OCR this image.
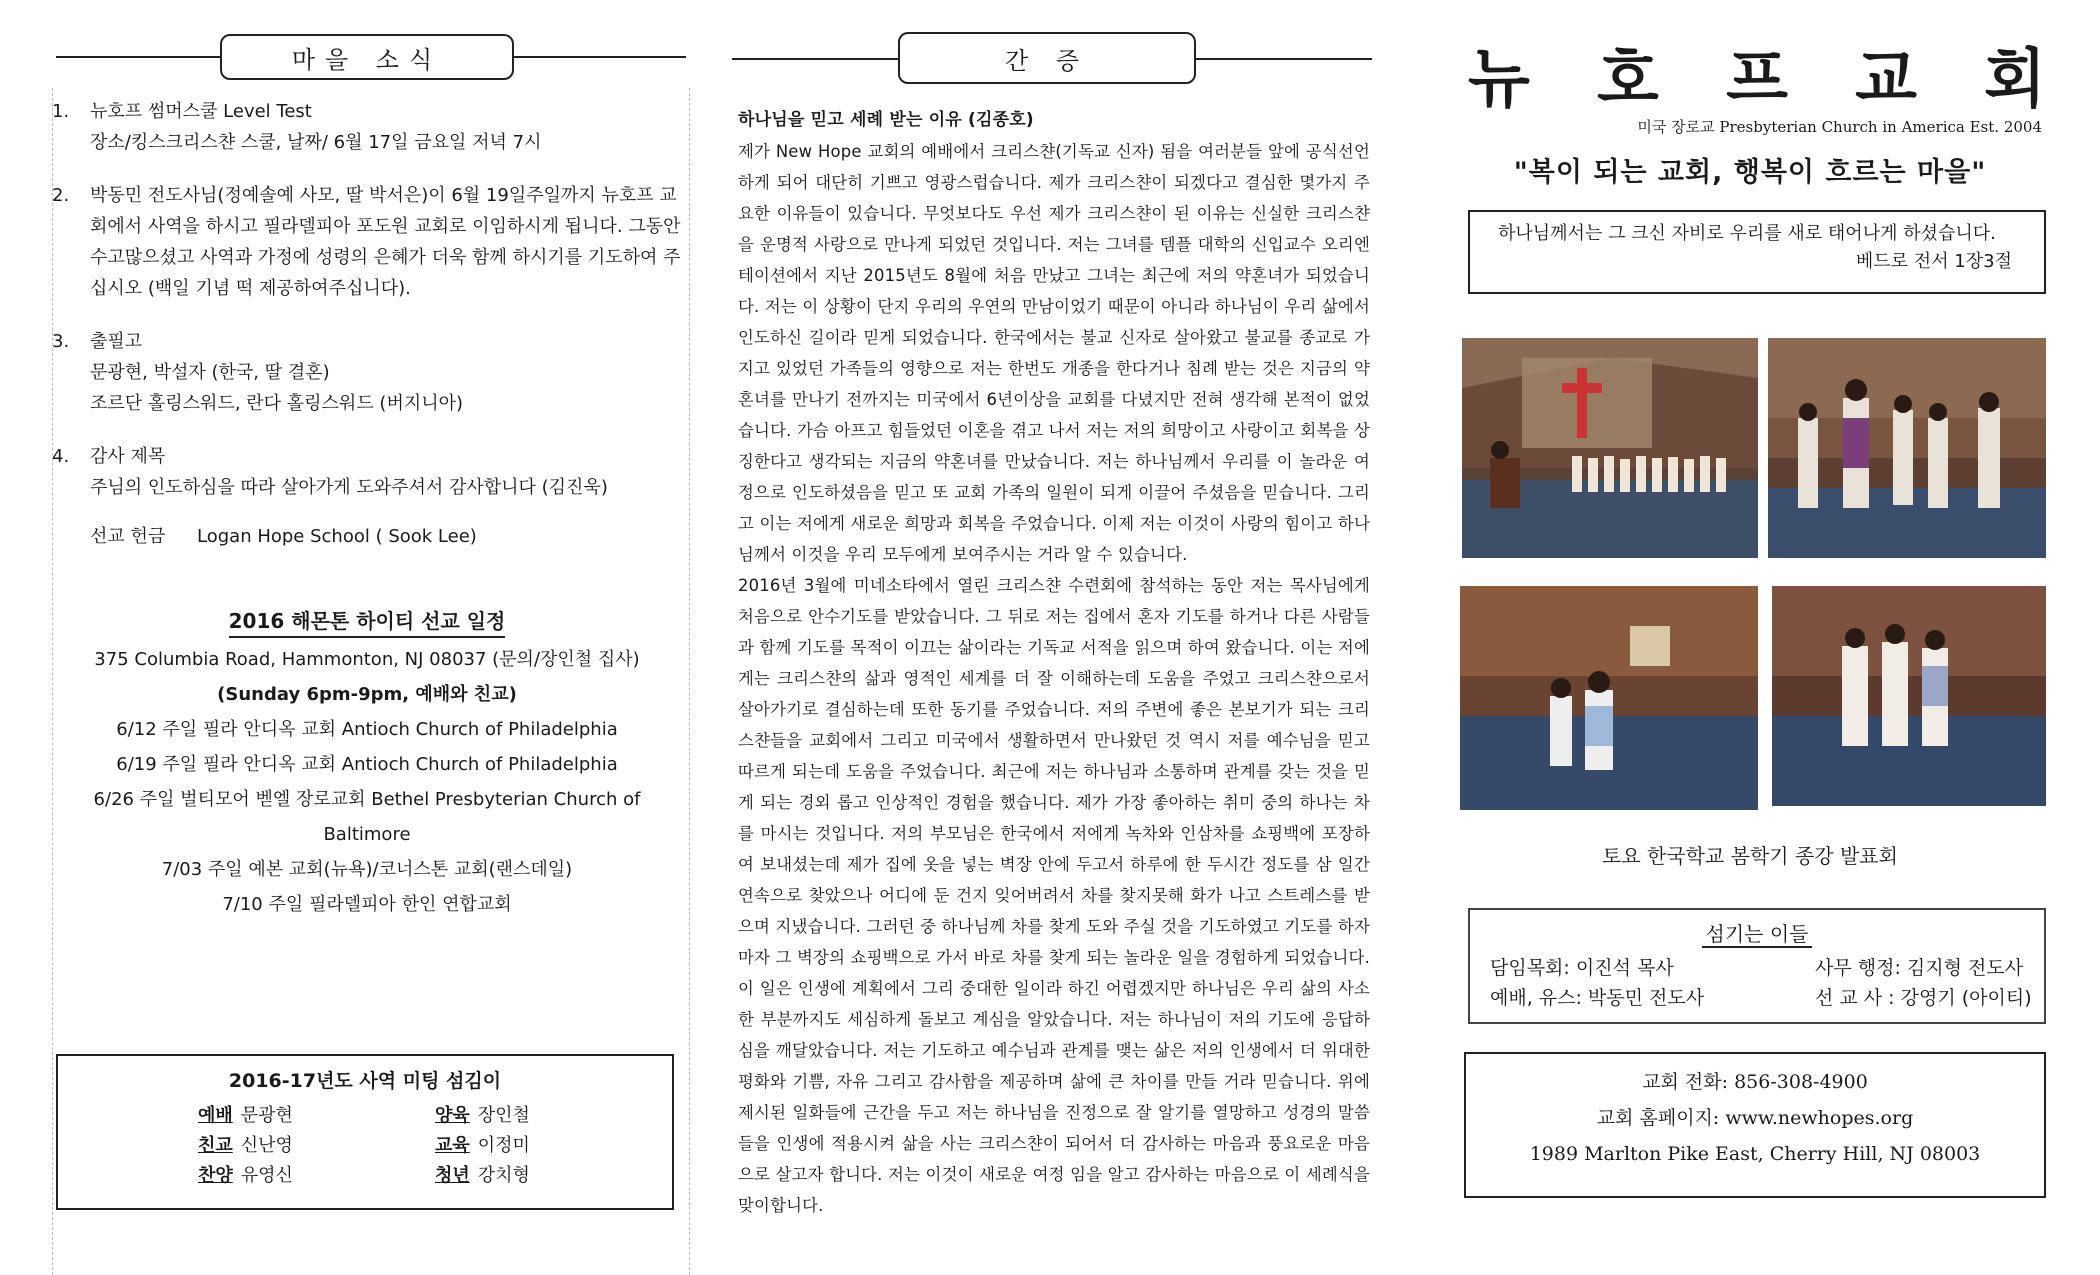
마을 소식
1.	뉴호프 썸머스쿨 Level Test
장소/킹스크리스챤 스쿨, 날짜/ 6월 17일 금요일 저녁 7시
2.	박동민 전도사님(정예솔예 사모, 딸 박서은)이 6월 19일주일까지 뉴호프 교회에서 사역을 하시고 필라델피아 포도원 교회로 이임하시게 됩니다. 그동안 수고많으셨고 사역과 가정에 성령의 은혜가 더욱 함께 하시기를 기도하여 주십시오 (백일 기념 떡 제공하여주십니다).
3.	출필고
문광현, 박설자 (한국, 딸 결혼)
조르단 홀링스워드, 란다 홀링스워드 (버지니아)
4.	감사 제목
주님의 인도하심을 따라 살아가게 도와주셔서 감사합니다 (김진욱)
선교 헌금 Logan Hope School ( Sook Lee)
2016 해몬톤 하이티 선교 일정
375 Columbia Road, Hammonton, NJ 08037 (문의/장인철 집사)
(Sunday 6pm-9pm, 예배와 친교)
6/12 주일 필라 안디옥 교회 Antioch Church of Philadelphia
6/19 주일 필라 안디옥 교회 Antioch Church of Philadelphia
6/26 주일 벌티모어 벧엘 장로교회 Bethel Presbyterian Church of Baltimore
7/03 주일 예본 교회(뉴욕)/코너스톤 교회(랜스데일)
7/10 주일 필라델피아 한인 연합교회
2016-17년도 사역 미팅 섬김이
예배 문광현	양육 장인철
친교 신난영	교육 이정미
찬양 유영신	청년 강치형
간 증
하나님을 믿고 세례 받는 이유 (김종호)

제가 New Hope 교회의 예배에서 크리스챤(기독교 신자) 됨을 여러분들 앞에 공식선언하게 되어 대단히 기쁘고 영광스럽습니다. 제가 크리스챤이 되겠다고 결심한 몇가지 주요한 이유들이 있습니다. 무엇보다도 우선 제가 크리스챤이 된 이유는 신실한 크리스챤을 운명적 사랑으로 만나게 되었던 것입니다. 저는 그녀를 템플 대학의 신입교수 오리엔테이션에서 지난 2015년도 8월에 처음 만났고 그녀는 최근에 저의 약혼녀가 되었습니다. 저는 이 상황이 단지 우리의 우연의 만남이었기 때문이 아니라 하나님이 우리 삶에서 인도하신 길이라 믿게 되었습니다. 한국에서는 불교 신자로 살아왔고 불교를 종교로 가지고 있었던 가족들의 영향으로 저는 한번도 개종을 한다거나 침례 받는 것은 지금의 약혼녀를 만나기 전까지는 미국에서 6년이상을 교회를 다녔지만 전혀 생각해 본적이 없었습니다. 가슴 아프고 힘들었던 이혼을 겪고 나서 저는 저의 희망이고 사랑이고 회복을 상징한다고 생각되는 지금의 약혼녀를 만났습니다. 저는 하나님께서 우리를 이 놀라운 여정으로 인도하셨음을 믿고 또 교회 가족의 일원이 되게 이끌어 주셨음을 믿습니다. 그리고 이는 저에게 새로운 희망과 회복을 주었습니다. 이제 저는 이것이 사랑의 힘이고 하나님께서 이것을 우리 모두에게 보여주시는 거라 알 수 있습니다.

2016년 3월에 미네소타에서 열린 크리스챤 수련회에 참석하는 동안 저는 목사님에게 처음으로 안수기도를 받았습니다. 그 뒤로 저는 집에서 혼자 기도를 하거나 다른 사람들과 함께 기도를 목적이 이끄는 삶이라는 기독교 서적을 읽으며 하여 왔습니다. 이는 저에게는 크리스챤의 삶과 영적인 세계를 더 잘 이해하는데 도움을 주었고 크리스챤으로서 살아가기로 결심하는데 또한 동기를 주었습니다. 저의 주변에 좋은 본보기가 되는 크리스챤들을 교회에서 그리고 미국에서 생활하면서 만나왔던 것 역시 저를 예수님을 믿고 따르게 되는데 도움을 주었습니다. 최근에 저는 하나님과 소통하며 관계를 갖는 것을 믿게 되는 경외 롭고 인상적인 경험을 했습니다. 제가 가장 좋아하는 취미 중의 하나는 차를 마시는 것입니다. 저의 부모님은 한국에서 저에게 녹차와 인삼차를 쇼핑백에 포장하여 보내셨는데 제가 집에 옷을 넣는 벽장 안에 두고서 하루에 한 두시간 정도를 삼 일간 연속으로 찾았으나 어디에 둔 건지 잊어버려서 차를 찾지못해 화가 나고 스트레스를 받으며 지냈습니다. 그러던 중 하나님께 차를 찾게 도와 주실 것을 기도하였고 기도를 하자마자 그 벽장의 쇼핑백으로 가서 바로 차를 찾게 되는 놀라운 일을 경험하게 되었습니다. 이 일은 인생에 계획에서 그리 중대한 일이라 하긴 어렵겠지만 하나님은 우리 삶의 사소한 부분까지도 세심하게 돌보고 계심을 알았습니다. 저는 하나님이 저의 기도에 응답하심을 깨달았습니다. 저는 기도하고 예수님과 관계를 맺는 삶은 저의 인생에서 더 위대한 평화와 기쁨, 자유 그리고 감사함을 제공하며 삶에 큰 차이를 만들 거라 믿습니다. 위에 제시된 일화들에 근간을 두고 저는 하나님을 진정으로 잘 알기를 열망하고 성경의 말씀들을 인생에 적용시켜 삶을 사는 크리스챤이 되어서 더 감사하는 마음과 풍요로운 마음으로 살고자 합니다. 저는 이것이 새로운 여정 임을 알고 감사하는 마음으로 이 세례식을 맞이합니다.

뉴 호 프 교 회
미국 장로교 Presbyterian Church in America Est. 2004
"복이 되는 교회, 행복이 흐르는 마을"
하나님께서는 그 크신 자비로 우리를 새로 태어나게 하셨습니다.
베드로 전서 1장3절
토요 한국학교 봄학기 종강 발표회
섬기는 이들
담임목회: 이진석 목사	사무 행정: 김지형 전도사
예배, 유스: 박동민 전도사	선 교 사 : 강영기 (아이티)
교회 전화: 856-308-4900
교회 홈페이지: www.newhopes.org
1989 Marlton Pike East, Cherry Hill, NJ 08003
